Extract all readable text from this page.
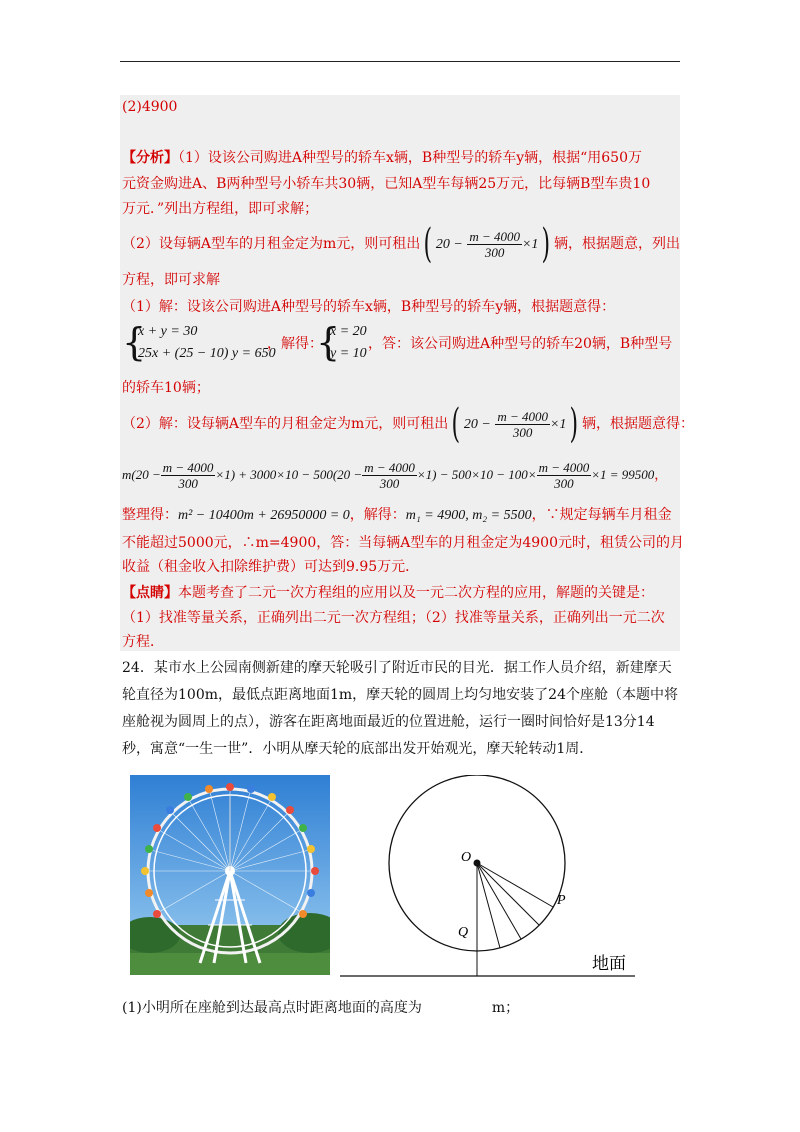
(2)4900
【分析】（1）设该公司购进A种型号的轿车x辆，B种型号的轿车y辆，根据“用650万
元资金购进A、B两种型号小轿车共30辆，已知A型车每辆25万元，比每辆B型车贵10
万元．”列出方程组，即可求解；
（2）设每辆A型车的月租金定为m元，则可租出( $20 - \frac{m - 4000}{300} \times 1$) 辆，根据题意，列出
方程，即可求解
（1）解：设该公司购进A种型号的轿车x辆，B种型号的轿车y辆，根据题意得：
{
x + y = 30
25x + (25 − 10) y = 650
，解得：
{
x = 20
y = 10
，答：该公司购进A种型号的轿车20辆，B种型号
的轿车10辆；
（2）解：设每辆A型车的月租金定为m元，则可租出( $20 - \frac{m - 4000}{300} \times 1$) 辆，根据题意得：
$m(20 - \frac{m - 4000}{300} \times 1) + 3000\times 10 - 500(20 - \frac{m - 4000}{300} \times 1) - 500\times 10 - 100\times \frac{m - 4000}{300} \times 1 = 99500$，
整理得：m² − 10400m + 26950000 = 0，解得：m₁ = 4900, m₂ = 5500，∵规定每辆车月租金
不能超过5000元，∴m=4900，答：当每辆A型车的月租金定为4900元时，租赁公司的月
收益（租金收入扣除维护费）可达到9.95万元．
【点睛】本题考查了二元一次方程组的应用以及一元二次方程的应用，解题的关键是：
（1）找准等量关系，正确列出二元一次方程组；（2）找准等量关系，正确列出一元二次
方程．
24．某市水上公园南侧新建的摩天轮吸引了附近市民的目光．据工作人员介绍，新建摩天
轮直径为100m，最低点距离地面1m，摩天轮的圆周上均匀地安装了24个座舱（本题中将
座舱视为圆周上的点），游客在距离地面最近的位置进舱，运行一圈时间恰好是13分14
秒，寓意“一生一世”．小明从摩天轮的底部出发开始观光，摩天轮转动1周．
O
P
Q
地面
(1)小明所在座舱到达最高点时距离地面的高度为	m；
